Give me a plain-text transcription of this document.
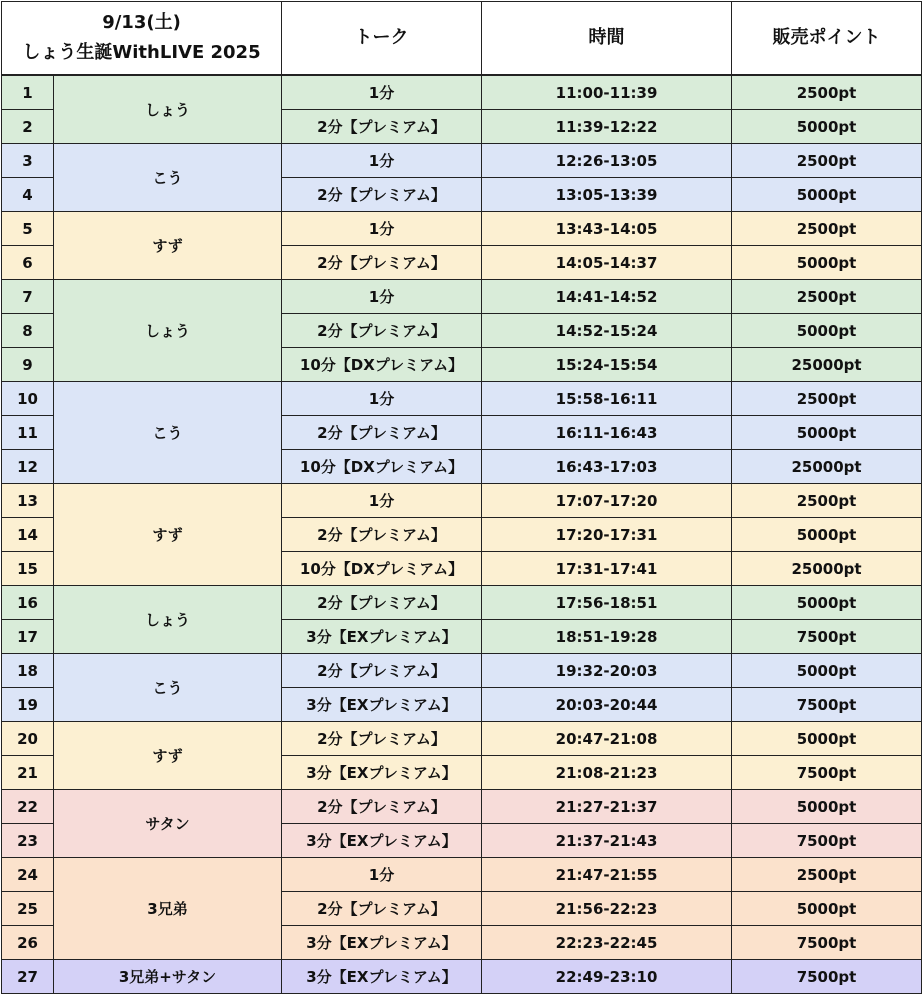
9/13(土)
しょう生誕WithLIVE 2025		トーク	時間	販売ポイント
1	しょう	1分	11:00-11:39	2500pt
2		2分【プレミアム】	11:39-12:22	5000pt
3	こう	1分	12:26-13:05	2500pt
4		2分【プレミアム】	13:05-13:39	5000pt
5	すず	1分	13:43-14:05	2500pt
6		2分【プレミアム】	14:05-14:37	5000pt
7	しょう	1分	14:41-14:52	2500pt
8		2分【プレミアム】	14:52-15:24	5000pt
9		10分【DXプレミアム】	15:24-15:54	25000pt
10	こう	1分	15:58-16:11	2500pt
11		2分【プレミアム】	16:11-16:43	5000pt
12		10分【DXプレミアム】	16:43-17:03	25000pt
13	すず	1分	17:07-17:20	2500pt
14		2分【プレミアム】	17:20-17:31	5000pt
15		10分【DXプレミアム】	17:31-17:41	25000pt
16	しょう	2分【プレミアム】	17:56-18:51	5000pt
17		3分【EXプレミアム】	18:51-19:28	7500pt
18	こう	2分【プレミアム】	19:32-20:03	5000pt
19		3分【EXプレミアム】	20:03-20:44	7500pt
20	すず	2分【プレミアム】	20:47-21:08	5000pt
21		3分【EXプレミアム】	21:08-21:23	7500pt
22	サタン	2分【プレミアム】	21:27-21:37	5000pt
23		3分【EXプレミアム】	21:37-21:43	7500pt
24	3兄弟	1分	21:47-21:55	2500pt
25		2分【プレミアム】	21:56-22:23	5000pt
26		3分【EXプレミアム】	22:23-22:45	7500pt
27	3兄弟+サタン	3分【EXプレミアム】	22:49-23:10	7500pt
